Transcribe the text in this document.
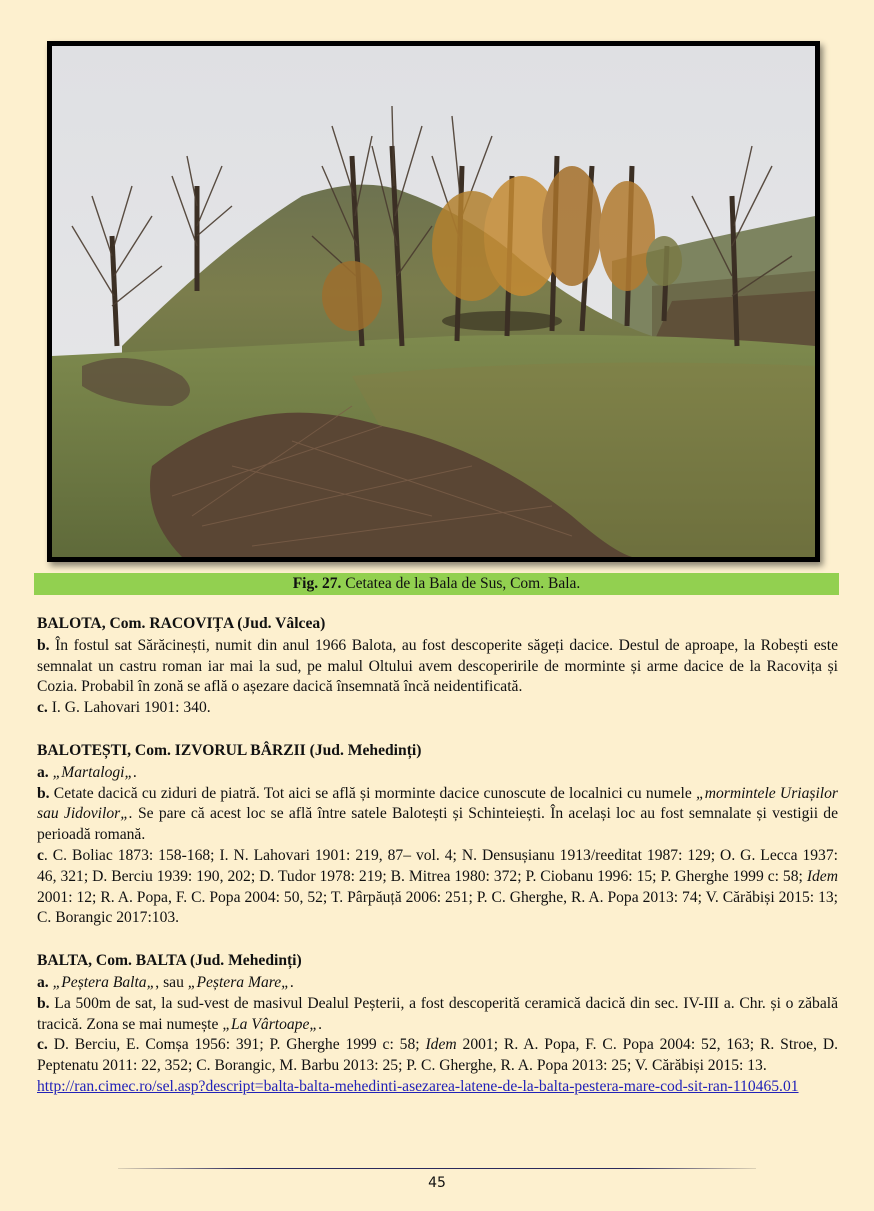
Fig. 27. Cetatea de la Bala de Sus, Com. Bala.

BALOTA, Com. RACOVIȚA (Jud. Vâlcea)

b. În fostul sat Sărăcinești, numit din anul 1966 Balota, au fost descoperite săgeți dacice. Destul de aproape, la Robești este semnalat un castru roman iar mai la sud, pe malul Oltului avem descoperirile de morminte și arme dacice de la Racovița și Cozia. Probabil în zonă se află o așezare dacică însemnată încă neidentificată.

c. I. G. Lahovari 1901: 340.

BALOTEȘTI, Com. IZVORUL BÂRZII (Jud. Mehedinți)

a. „Martalogi„.

b. Cetate dacică cu ziduri de piatră. Tot aici se află și morminte dacice cunoscute de localnici cu numele „mormintele Uriașilor sau Jidovilor„. Se pare că acest loc se află între satele Balotești și Schinteiești. În același loc au fost semnalate și vestigii de perioadă romană.

c. C. Boliac 1873: 158-168; I. N. Lahovari 1901: 219, 87– vol. 4; N. Densușianu 1913/reeditat 1987: 129; O. G. Lecca 1937: 46, 321; D. Berciu 1939: 190, 202; D. Tudor 1978: 219; B. Mitrea 1980: 372; P. Ciobanu 1996: 15; P. Gherghe 1999 c: 58; Idem 2001: 12; R. A. Popa, F. C. Popa 2004: 50, 52; T. Pârpăuță 2006: 251; P. C. Gherghe, R. A. Popa 2013: 74; V. Cărăbiși 2015: 13; C. Borangic 2017:103.

BALTA, Com. BALTA (Jud. Mehedinți)

a. „Peștera Balta„, sau „Peștera Mare„.

b. La 500m de sat, la sud-vest de masivul Dealul Peșterii, a fost descoperită ceramică dacică din sec. IV-III a. Chr. și o zăbală tracică. Zona se mai numește „La Vârtoape„.

c. D. Berciu, E. Comșa 1956: 391; P. Gherghe 1999 c: 58; Idem 2001; R. A. Popa, F. C. Popa 2004: 52, 163; R. Stroe, D. Peptenatu 2011: 22, 352; C. Borangic, M. Barbu 2013: 25; P. C. Gherghe, R. A. Popa 2013: 25; V. Cărăbiși 2015: 13.

http://ran.cimec.ro/sel.asp?descript=balta-balta-mehedinti-asezarea-latene-de-la-balta-pestera-mare-cod-sit-ran-110465.01

45
